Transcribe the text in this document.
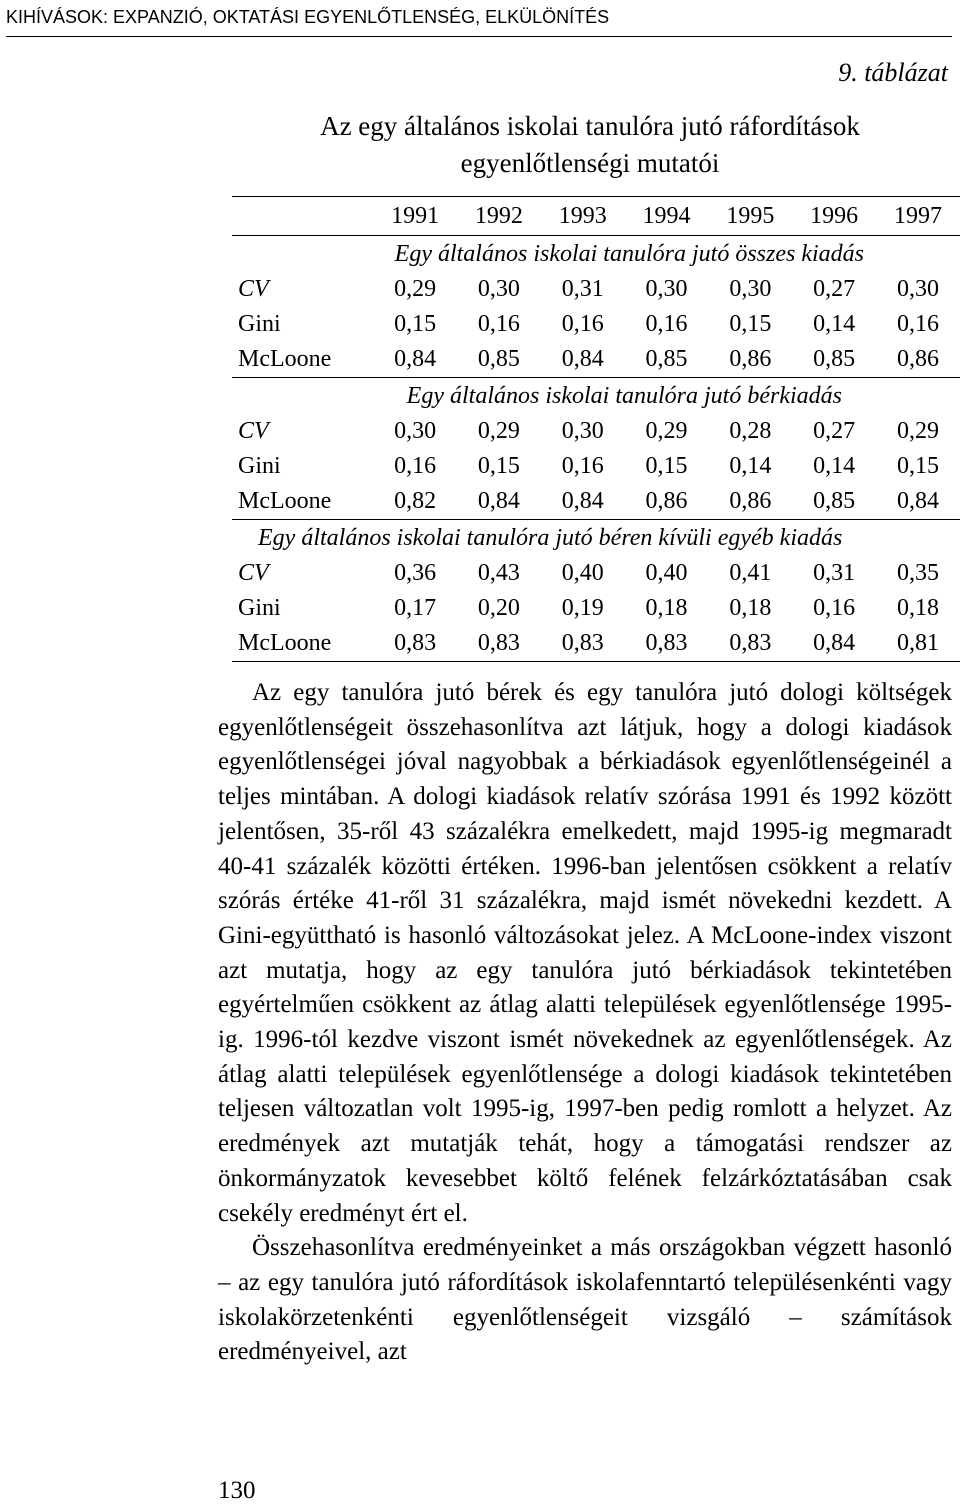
KIHÍVÁSOK: EXPANZIÓ, OKTATÁSI EGYENLŐTLENSÉG, ELKÜLÖNÍTÉS
9. táblázat
Az egy általános iskolai tanulóra jutó ráfordítások
egyenlőtlenségi mutatói
	1991	1992	1993	1994	1995	1996	1997
Egy általános iskolai tanulóra jutó összes kiadás							
CV	0,29	0,30	0,31	0,30	0,30	0,27	0,30
Gini	0,15	0,16	0,16	0,16	0,15	0,14	0,16
McLoone	0,84	0,85	0,84	0,85	0,86	0,85	0,86
Egy általános iskolai tanulóra jutó bérkiadás							
CV	0,30	0,29	0,30	0,29	0,28	0,27	0,29
Gini	0,16	0,15	0,16	0,15	0,14	0,14	0,15
McLoone	0,82	0,84	0,84	0,86	0,86	0,85	0,84
Egy általános iskolai tanulóra jutó béren kívüli egyéb kiadás							
CV	0,36	0,43	0,40	0,40	0,41	0,31	0,35
Gini	0,17	0,20	0,19	0,18	0,18	0,16	0,18
McLoone	0,83	0,83	0,83	0,83	0,83	0,84	0,81

Az egy tanulóra jutó bérek és egy tanulóra jutó dologi költségek egyenlőtlenségeit összehasonlítva azt látjuk, hogy a dologi kiadások egyenlőtlenségei jóval nagyobbak a bérkiadások egyenlőtlenségeinél a teljes mintában. A dologi kiadások relatív szórása 1991 és 1992 között jelentősen, 35-ről 43 százalékra emelkedett, majd 1995-ig megmaradt 40-41 százalék közötti értéken. 1996-ban jelentősen csökkent a relatív szórás értéke 41-ről 31 százalékra, majd ismét növekedni kezdett. A Gini-együttható is hasonló változásokat jelez. A McLoone-index viszont azt mutatja, hogy az egy tanulóra jutó bérkiadások tekintetében egyértelműen csökkent az átlag alatti települések egyenlőtlensége 1995-ig. 1996-tól kezdve viszont ismét növekednek az egyenlőtlenségek. Az átlag alatti települések egyenlőtlensége a dologi kiadások tekintetében teljesen változatlan volt 1995-ig, 1997-ben pedig romlott a helyzet. Az eredmények azt mutatják tehát, hogy a támogatási rendszer az önkormányzatok kevesebbet költő felének felzárkóztatásában csak csekély eredményt ért el.

Összehasonlítva eredményeinket a más országokban végzett hasonló – az egy tanulóra jutó ráfordítások iskolafenntartó településenkénti vagy iskolakörzetenkénti egyenlőtlenségeit vizsgáló – számítások eredményeivel, azt

130
